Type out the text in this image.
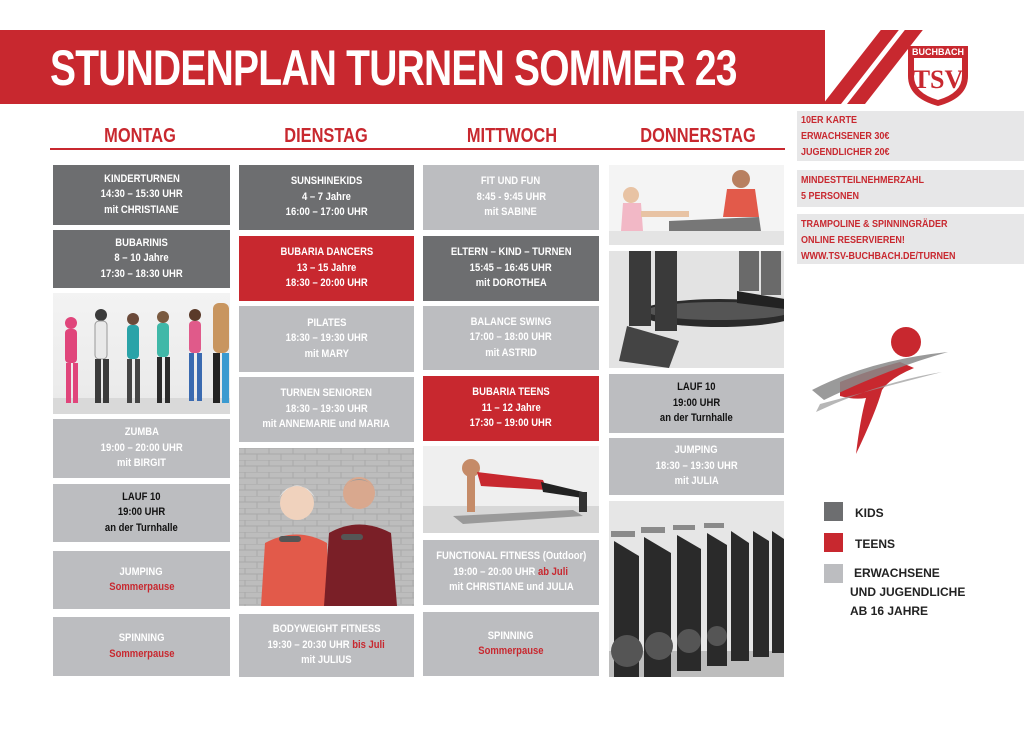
STUNDENPLAN TURNEN SOMMER 23	BUCHBACH
TSV
MONTAG	DIENSTAG	MITTWOCH	DONNERSTAG
KINDERTURNEN
14:30 – 15:30 UHR
mit CHRISTIANE
BUBARINIS
8 – 10 Jahre
17:30 – 18:30 UHR
ZUMBA
19:00 – 20:00 UHR
mit BIRGIT
LAUF 10
19:00 UHR
an der Turnhalle
JUMPING
Sommerpause
SPINNING
Sommerpause
SUNSHINEKIDS
4 – 7 Jahre
16:00 – 17:00 UHR
BUBARIA DANCERS
13 – 15 Jahre
18:30 – 20:00 UHR
PILATES
18:30 – 19:30 UHR
mit MARY
TURNEN SENIOREN
18:30 – 19:30 UHR
mit ANNEMARIE und MARIA
BODYWEIGHT FITNESS
19:30 – 20:30 UHR bis Juli
mit JULIUS
FIT UND FUN
8:45 - 9:45 UHR
mit SABINE
ELTERN – KIND – TURNEN
15:45 – 16:45 UHR
mit DOROTHEA
BALANCE SWING
17:00 – 18:00 UHR
mit ASTRID
BUBARIA TEENS
11 – 12 Jahre
17:30 – 19:00 UHR
FUNCTIONAL FITNESS (Outdoor)
19:00 – 20:00 UHR ab Juli
mit CHRISTIANE und JULIA
SPINNING
Sommerpause
LAUF 10
19:00 UHR
an der Turnhalle
JUMPING
18:30 – 19:30 UHR
mit JULIA
10ER KARTE
ERWACHSENER 30€
JUGENDLICHER 20€
MINDESTTEILNEHMERZAHL
5 PERSONEN
TRAMPOLINE & SPINNINGRÄDER
ONLINE RESERVIEREN!
WWW.TSV-BUCHBACH.DE/TURNEN
KIDS
TEENS
ERWACHSENE
UND JUGENDLICHE
AB 16 JAHRE
